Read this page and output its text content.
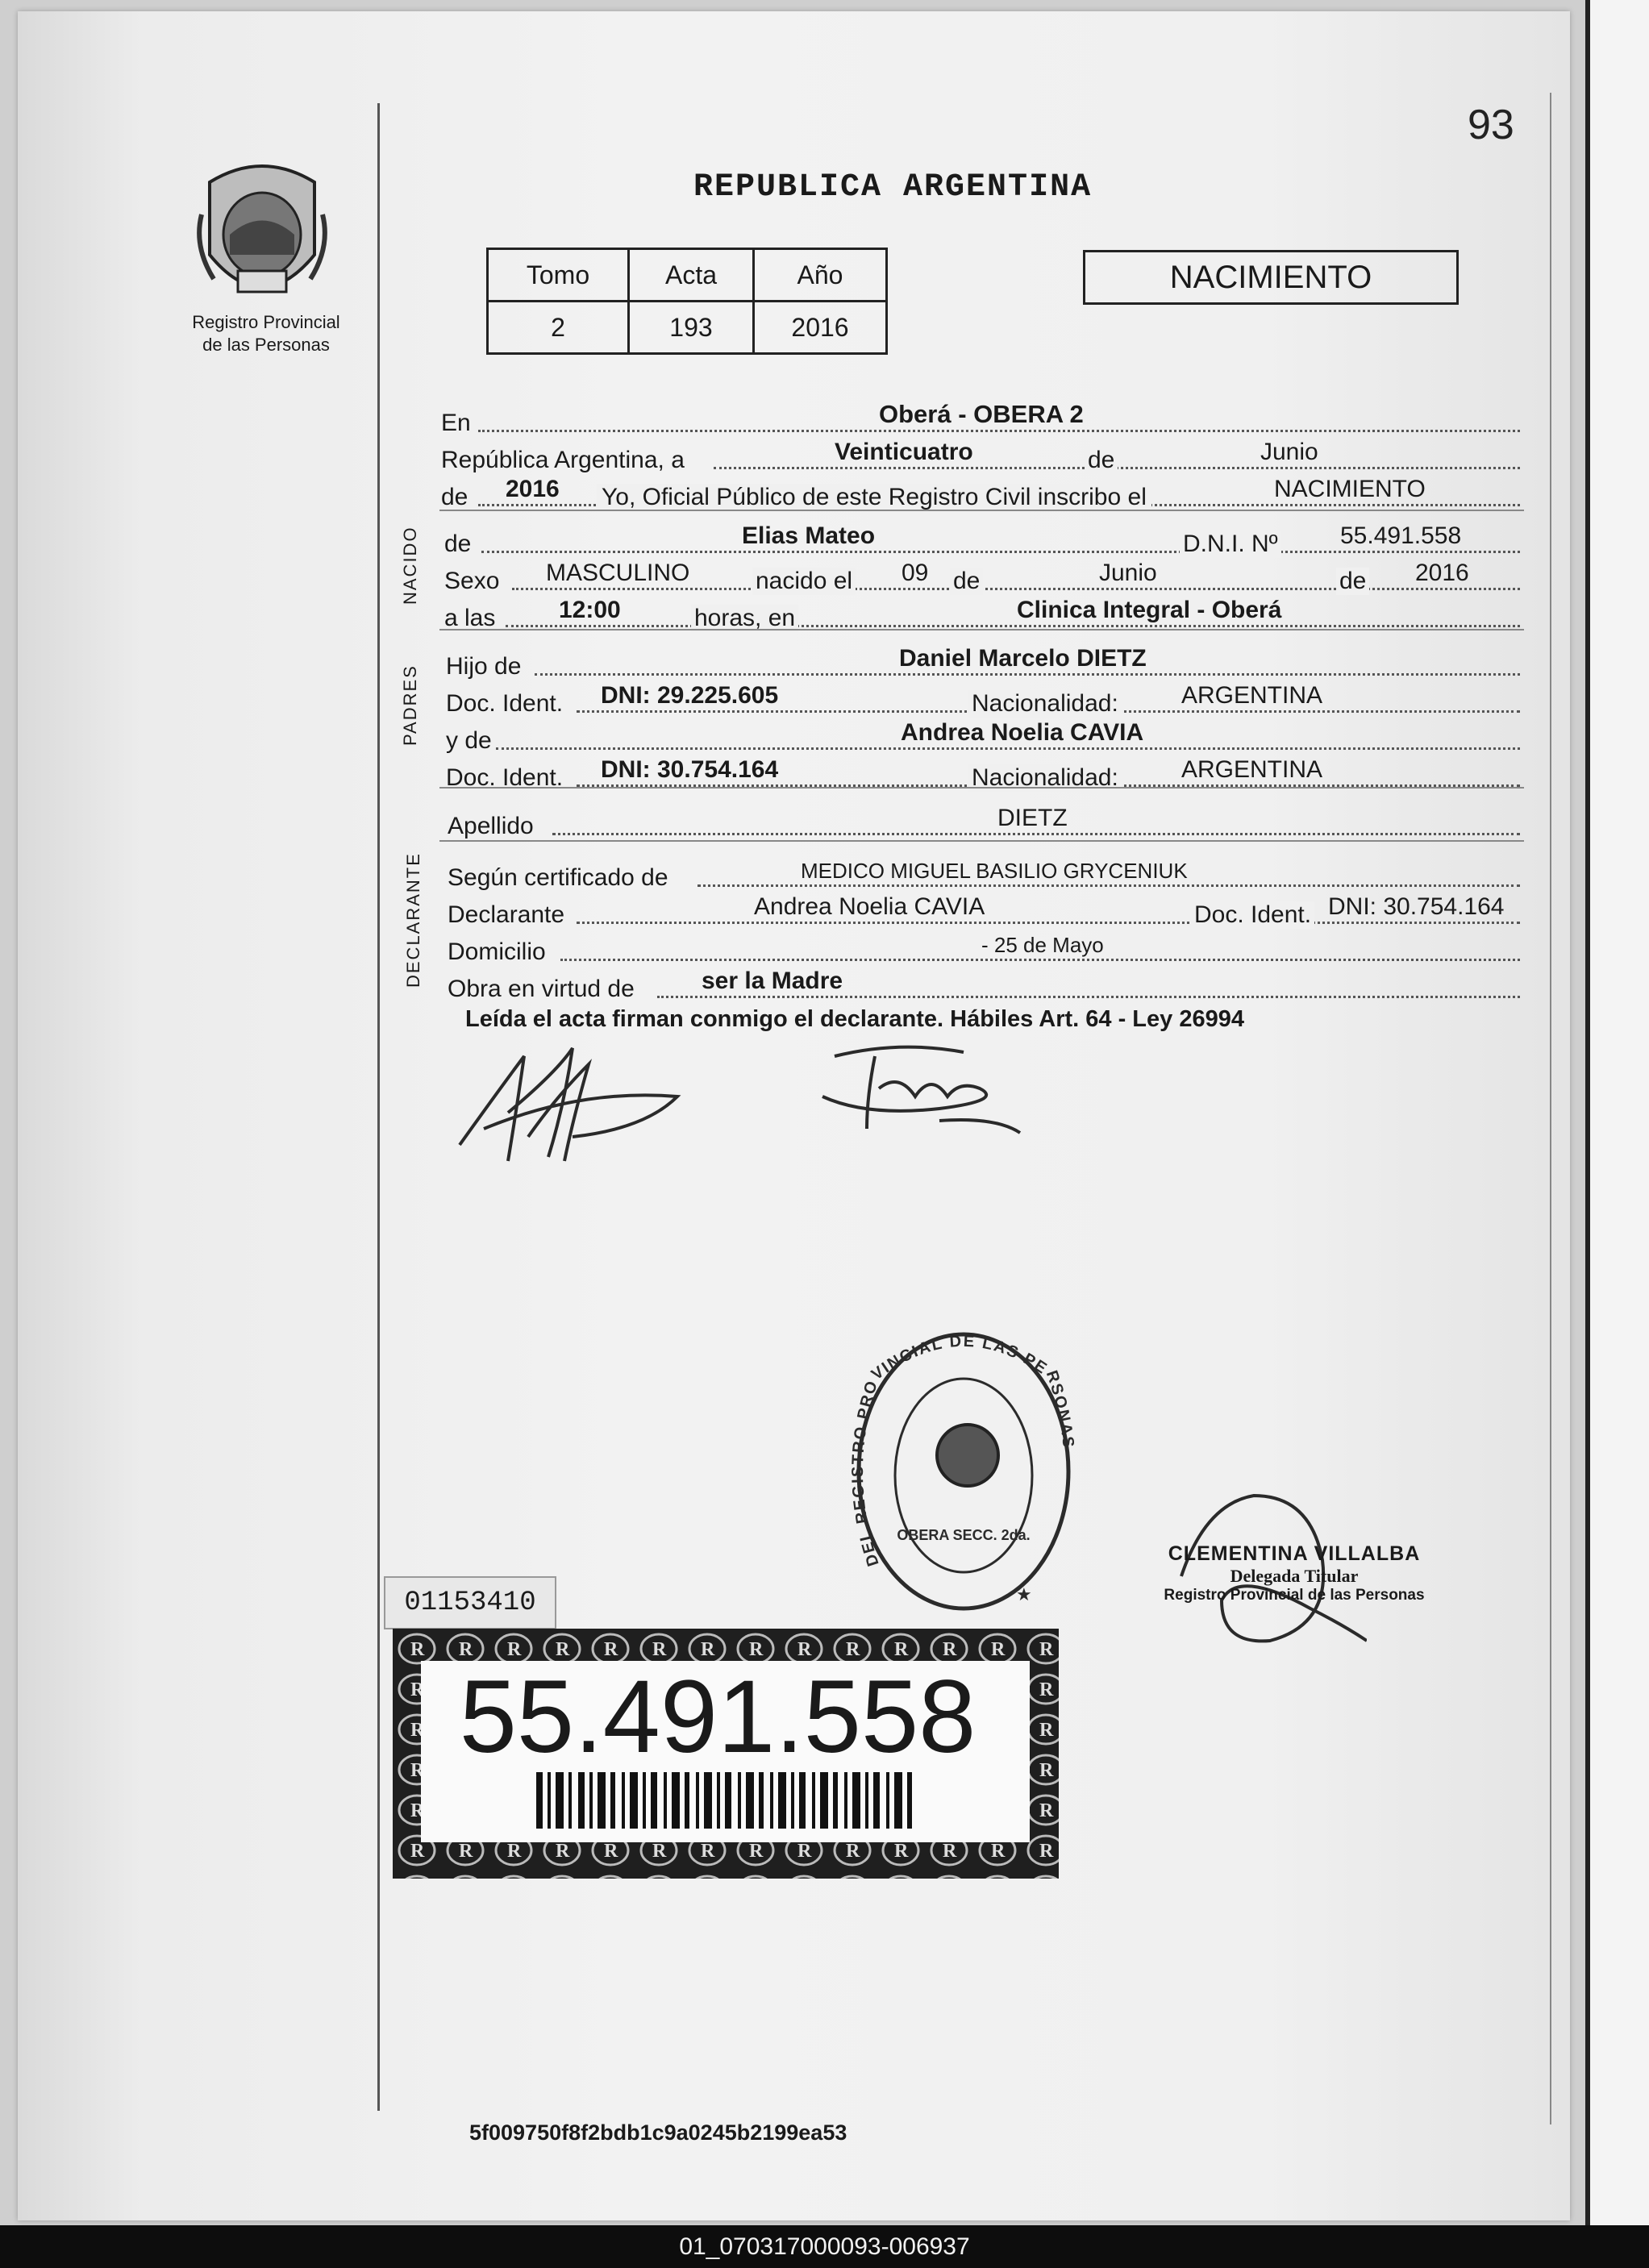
93
Registro Provincial
de las Personas
REPUBLICA ARGENTINA
Tomo	Acta	Año
2	193	2016
NACIMIENTO
En	Oberá - OBERA 2
República Argentina, a	Veinticuatro	de	Junio
de 2016 Yo, Oficial Público de este Registro Civil inscribo el	NACIMIENTO
NACIDO de	Elias Mateo	D.N.I. Nº	55.491.558
Sexo MASCULINO	nacido el 09 de	Junio	de 2016
a las	12:00	horas, en	Clinica Integral - Oberá
PADRES Hijo de	Daniel Marcelo DIETZ
Doc. Ident. DNI: 29.225.605	Nacionalidad:	ARGENTINA
y de	Andrea Noelia CAVIA
Doc. Ident. DNI: 30.754.164	Nacionalidad:	ARGENTINA
Apellido	DIETZ
DECLARANTE Según certificado de	MEDICO MIGUEL BASILIO GRYCENIUK
Declarante	Andrea Noelia CAVIA	Doc. Ident. DNI: 30.754.164
Domicilio	- 25 de Mayo
Obra en virtud de	ser la Madre
Leída el acta firman conmigo el declarante. Hábiles Art. 64 - Ley 26994
DEL REGISTRO PROVINCIAL DE LAS PERSONAS
OBERA SECC. 2da.
★
CLEMENTINA VILLALBA
Delegada Titular
Registro Provincial de las Personas
01153410
55.491.558
5f009750f8f2bdb1c9a0245b2199ea53
01_070317000093-006937
